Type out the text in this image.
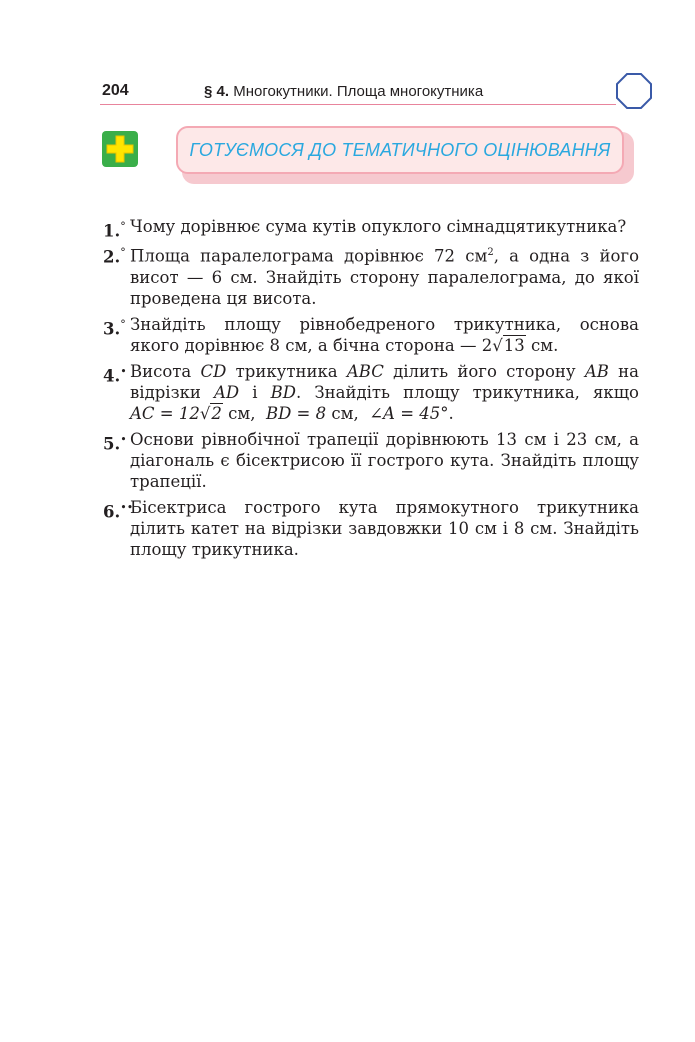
204	§ 4. Многокутники. Площа многокутника
ГОТУЄМОСЯ ДО ТЕМАТИЧНОГО ОЦІНЮВАННЯ
1.° Чому дорівнює сума кутів опуклого сімнадцятикутника?
2.° Площа паралелограма дорівнює 72 $см^2$, а одна з його висот — 6 см. Знайдіть сторону паралелограма, до якої проведена ця висота.
3.° Знайдіть площу рівнобедреного трикутника, основа якого дорівнює 8 см, а бічна сторона — 2√13 см.
4.• Висота CD трикутника ABC ділить його сторону AB на відрізки AD і BD. Знайдіть площу трикутника, якщо AC = 12√2 см, BD = 8 см, ∠A = 45°.
5.• Основи рівнобічної трапеції дорівнюють 13 см і 23 см, а діагональ є бісектрисою її гострого кута. Знайдіть площу трапеції.
6.••
Бісектриса гострого кута прямокутного трикутника ділить катет на відрізки завдовжки 10 см і 8 см. Знайдіть площу трикутника.
